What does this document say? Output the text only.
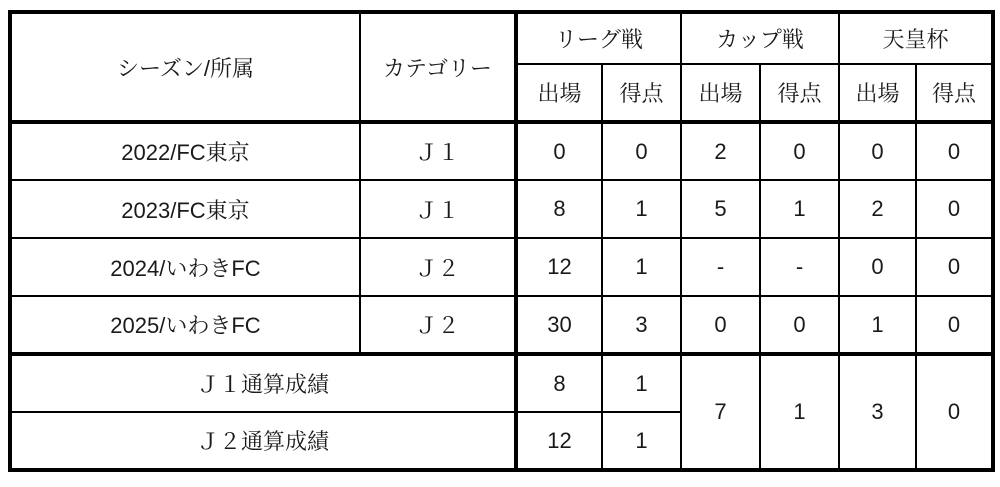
シーズン/所属	カテゴリー	リーグ戦		カップ戦		天皇杯	
		出場	得点	出場	得点	出場	得点
2022/FC東京	Ｊ１	0	0	2	0	0	0
2023/FC東京	Ｊ１	8	1	5	1	2	0
2024/いわきFC	Ｊ２	12	1	-	-	0	0
2025/いわきFC	Ｊ２	30	3	0	0	1	0
Ｊ１通算成績		8	1	7	1	3	0
Ｊ２通算成績		12	1				
